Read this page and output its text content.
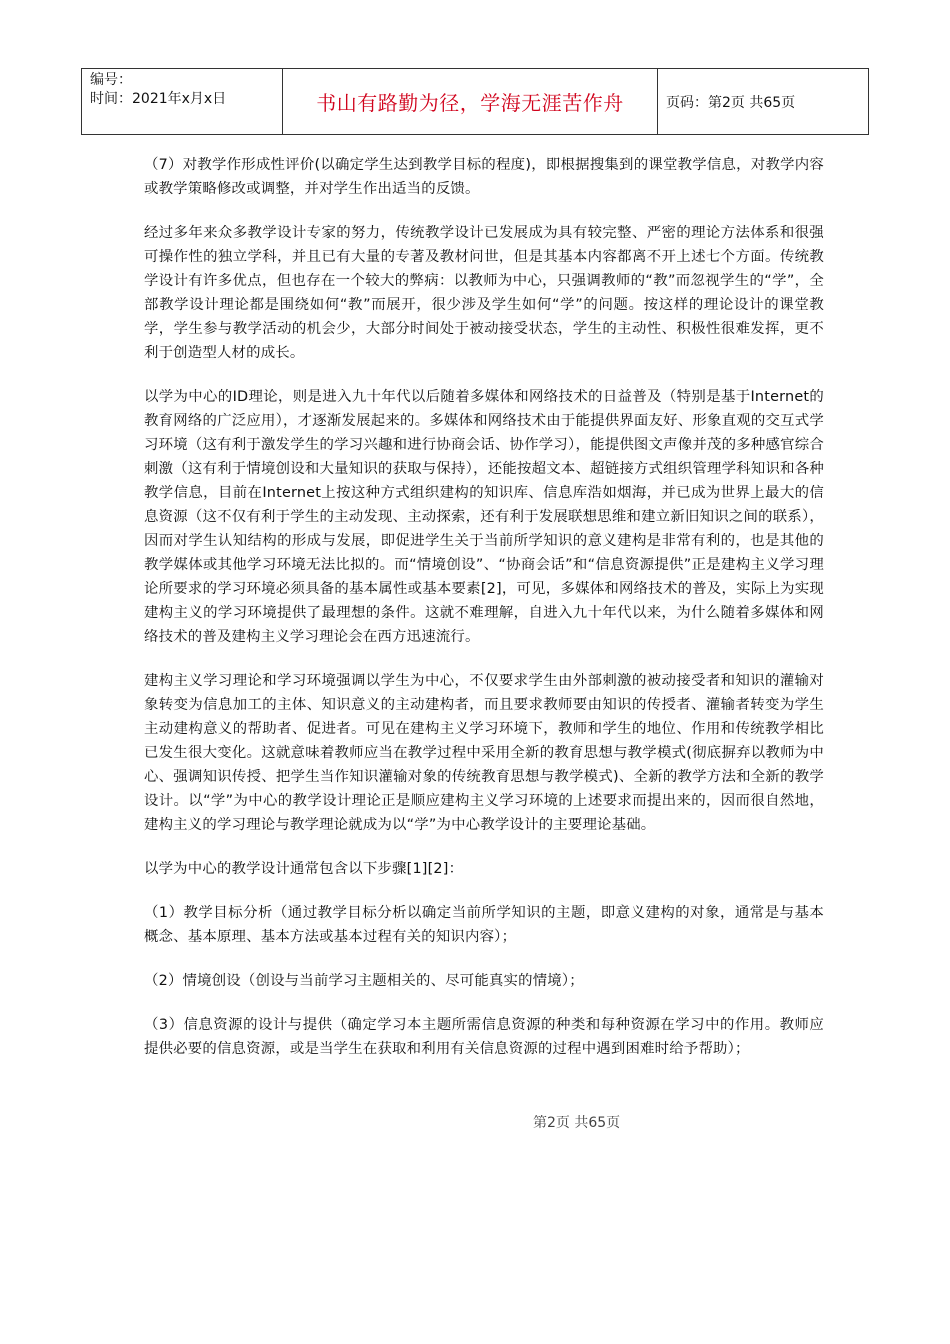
编号：
时间：2021年x月x日	书山有路勤为径，学海无涯苦作舟	页码：第2页 共65页

（7）对教学作形成性评价(以确定学生达到教学目标的程度)，即根据搜集到的课堂教学信息，对教学内容或教学策略修改或调整，并对学生作出适当的反馈。

经过多年来众多教学设计专家的努力，传统教学设计已发展成为具有较完整、严密的理论方法体系和很强可操作性的独立学科，并且已有大量的专著及教材问世，但是其基本内容都离不开上述七个方面。传统教学设计有许多优点，但也存在一个较大的弊病：以教师为中心，只强调教师的“教”而忽视学生的“学”，全部教学设计理论都是围绕如何“教”而展开，很少涉及学生如何“学”的问题。按这样的理论设计的课堂教学，学生参与教学活动的机会少，大部分时间处于被动接受状态，学生的主动性、积极性很难发挥，更不利于创造型人材的成长。

以学为中心的ID理论，则是进入九十年代以后随着多媒体和网络技术的日益普及（特别是基于Internet的教育网络的广泛应用），才逐渐发展起来的。多媒体和网络技术由于能提供界面友好、形象直观的交互式学习环境（这有利于激发学生的学习兴趣和进行协商会话、协作学习），能提供图文声像并茂的多种感官综合刺激（这有利于情境创设和大量知识的获取与保持），还能按超文本、超链接方式组织管理学科知识和各种教学信息，目前在Internet上按这种方式组织建构的知识库、信息库浩如烟海，并已成为世界上最大的信息资源（这不仅有利于学生的主动发现、主动探索，还有利于发展联想思维和建立新旧知识之间的联系），因而对学生认知结构的形成与发展，即促进学生关于当前所学知识的意义建构是非常有利的，也是其他的教学媒体或其他学习环境无法比拟的。而“情境创设”、“协商会话”和“信息资源提供”正是建构主义学习理论所要求的学习环境必须具备的基本属性或基本要素[2]，可见，多媒体和网络技术的普及，实际上为实现建构主义的学习环境提供了最理想的条件。这就不难理解，自进入九十年代以来，为什么随着多媒体和网络技术的普及建构主义学习理论会在西方迅速流行。

建构主义学习理论和学习环境强调以学生为中心，不仅要求学生由外部刺激的被动接受者和知识的灌输对象转变为信息加工的主体、知识意义的主动建构者，而且要求教师要由知识的传授者、灌输者转变为学生主动建构意义的帮助者、促进者。可见在建构主义学习环境下，教师和学生的地位、作用和传统教学相比已发生很大变化。这就意味着教师应当在教学过程中采用全新的教育思想与教学模式(彻底摒弃以教师为中心、强调知识传授、把学生当作知识灌输对象的传统教育思想与教学模式)、全新的教学方法和全新的教学设计。以“学”为中心的教学设计理论正是顺应建构主义学习环境的上述要求而提出来的，因而很自然地，建构主义的学习理论与教学理论就成为以“学”为中心教学设计的主要理论基础。

以学为中心的教学设计通常包含以下步骤[1][2]：

（1）教学目标分析（通过教学目标分析以确定当前所学知识的主题，即意义建构的对象，通常是与基本概念、基本原理、基本方法或基本过程有关的知识内容）；

（2）情境创设（创设与当前学习主题相关的、尽可能真实的情境）；

（3）信息资源的设计与提供（确定学习本主题所需信息资源的种类和每种资源在学习中的作用。教师应提供必要的信息资源，或是当学生在获取和利用有关信息资源的过程中遇到困难时给予帮助）；

第2页 共65页
